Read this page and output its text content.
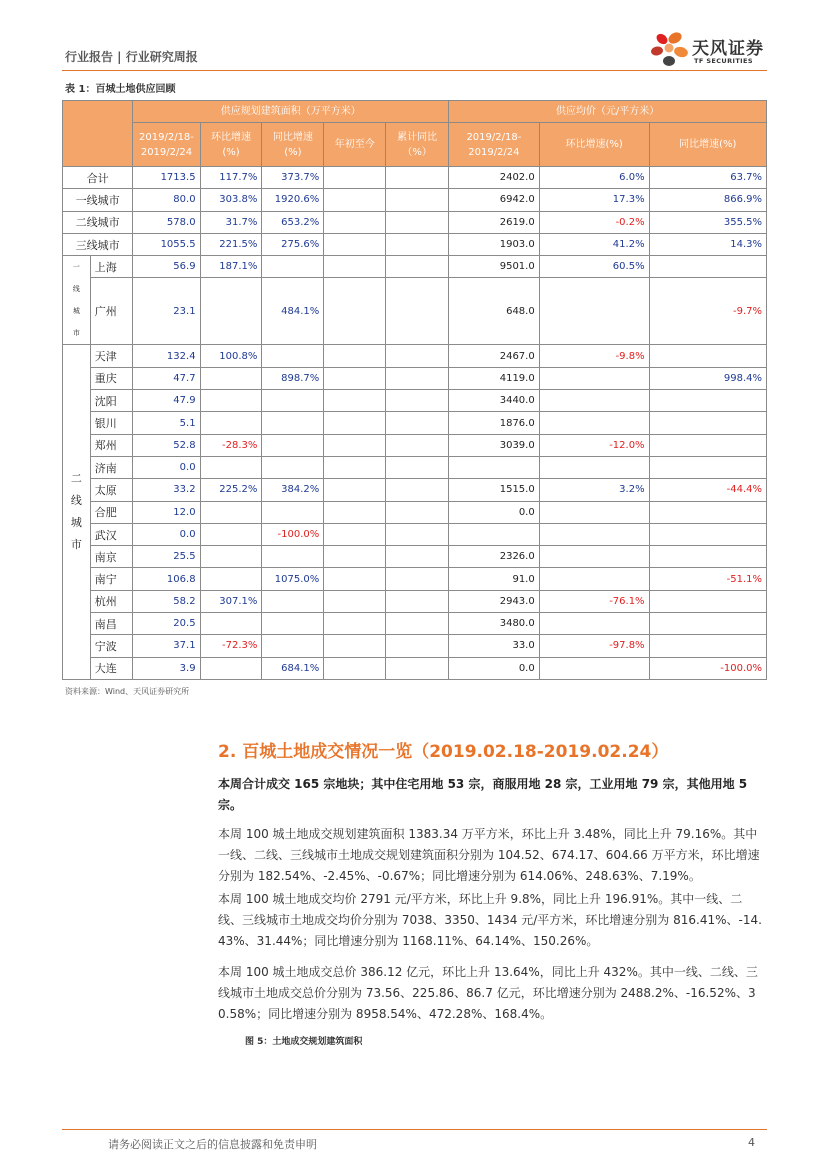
行业报告 | 行业研究周报	天风证券
TF SECURITIES
表 1：百城土地供应回顾
		供应规划建筑面积（万平方米）					供应均价（元/平方米）		
		2019/2/18-2019/2/24	环比增速(%)	同比增速(%)	年初至今	累计同比（%）	2019/2/18-2019/2/24	环比增速(%)	同比增速(%)
合计		1713.5	117.7%	373.7%			2402.0	6.0%	63.7%
一线城市		80.0	303.8%	1920.6%			6942.0	17.3%	866.9%
二线城市		578.0	31.7%	653.2%			2619.0	-0.2%	355.5%
三线城市		1055.5	221.5%	275.6%			1903.0	41.2%	14.3%

一
线
城
市	上海	56.9	187.1%				9501.0	60.5%	
	广州	23.1		484.1%			648.0		-9.7%

二
线
城
市	天津	132.4	100.8%				2467.0	-9.8%	
	重庆	47.7		898.7%			4119.0		998.4%
	沈阳	47.9					3440.0		
	银川	5.1					1876.0		
	郑州	52.8	-28.3%				3039.0	-12.0%	
	济南	0.0							
	太原	33.2	225.2%	384.2%			1515.0	3.2%	-44.4%
	合肥	12.0					0.0		
	武汉	0.0		-100.0%					
	南京	25.5					2326.0		
	南宁	106.8		1075.0%			91.0		-51.1%
	杭州	58.2	307.1%				2943.0	-76.1%	
	南昌	20.5					3480.0		
	宁波	37.1	-72.3%				33.0	-97.8%	
	大连	3.9		684.1%			0.0		-100.0%
资料来源：Wind、天风证券研究所
2. 百城土地成交情况一览（2019.02.18-2019.02.24）
本周合计成交 165 宗地块；其中住宅用地 53 宗，商服用地 28 宗，工业用地 79 宗，其他用地 5 宗。
本周 100 城土地成交规划建筑面积 1383.34 万平方米，环比上升 3.48%，同比上升 79.16%。其中一线、二线、三线城市土地成交规划建筑面积分别为 104.52、674.17、604.66 万平方米，环比增速分别为 182.54%、-2.45%、-0.67%；同比增速分别为 614.06%、248.63%、7.19%。
本周 100 城土地成交均价 2791 元/平方米，环比上升 9.8%，同比上升 196.91%。其中一线、二线、三线城市土地成交均价分别为 7038、3350、1434 元/平方米，环比增速分别为 816.41%、-14.43%、31.44%；同比增速分别为 1168.11%、64.14%、150.26%。
本周 100 城土地成交总价 386.12 亿元，环比上升 13.64%，同比上升 432%。其中一线、二线、三线城市土地成交总价分别为 73.56、225.86、86.7 亿元，环比增速分别为 2488.2%、-16.52%、30.58%；同比增速分别为 8958.54%、472.28%、168.4%。
图 5：土地成交规划建筑面积
请务必阅读正文之后的信息披露和免责申明	4
